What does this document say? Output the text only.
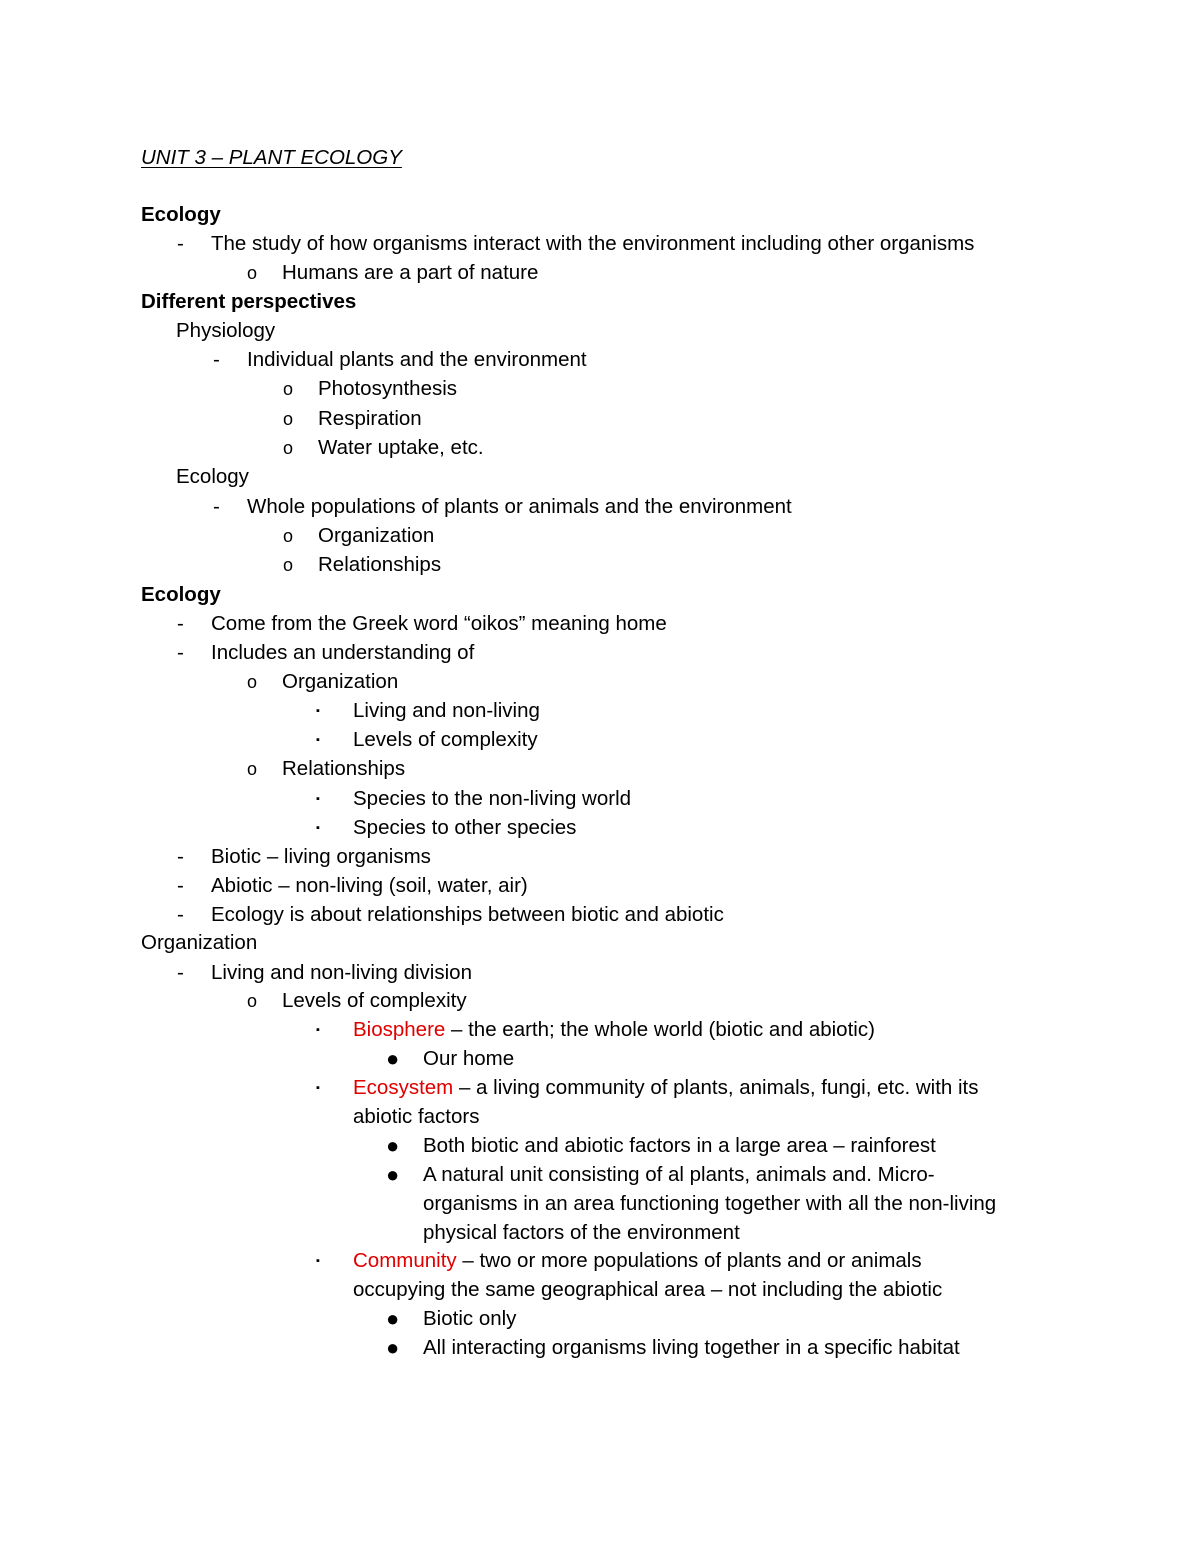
UNIT 3 – PLANT ECOLOGY
Ecology
- The study of how organisms interact with the environment including other organisms
o Humans are a part of nature
Different perspectives
Physiology
- Individual plants and the environment
o Photosynthesis
o Respiration
o Water uptake, etc.
Ecology
- Whole populations of plants or animals and the environment
o Organization
o Relationships
Ecology
- Come from the Greek word “oikos” meaning home
- Includes an understanding of
o Organization
▪ Living and non-living
▪ Levels of complexity
o Relationships
▪ Species to the non-living world
▪ Species to other species
- Biotic – living organisms
- Abiotic – non-living (soil, water, air)
- Ecology is about relationships between biotic and abiotic
Organization
- Living and non-living division
o Levels of complexity
▪ Biosphere – the earth; the whole world (biotic and abiotic)
● Our home
▪ Ecosystem – a living community of plants, animals, fungi, etc. with its
abiotic factors
● Both biotic and abiotic factors in a large area – rainforest
● A natural unit consisting of al plants, animals and. Micro-
organisms in an area functioning together with all the non-living
physical factors of the environment
▪ Community – two or more populations of plants and or animals
occupying the same geographical area – not including the abiotic
● Biotic only
● All interacting organisms living together in a specific habitat
